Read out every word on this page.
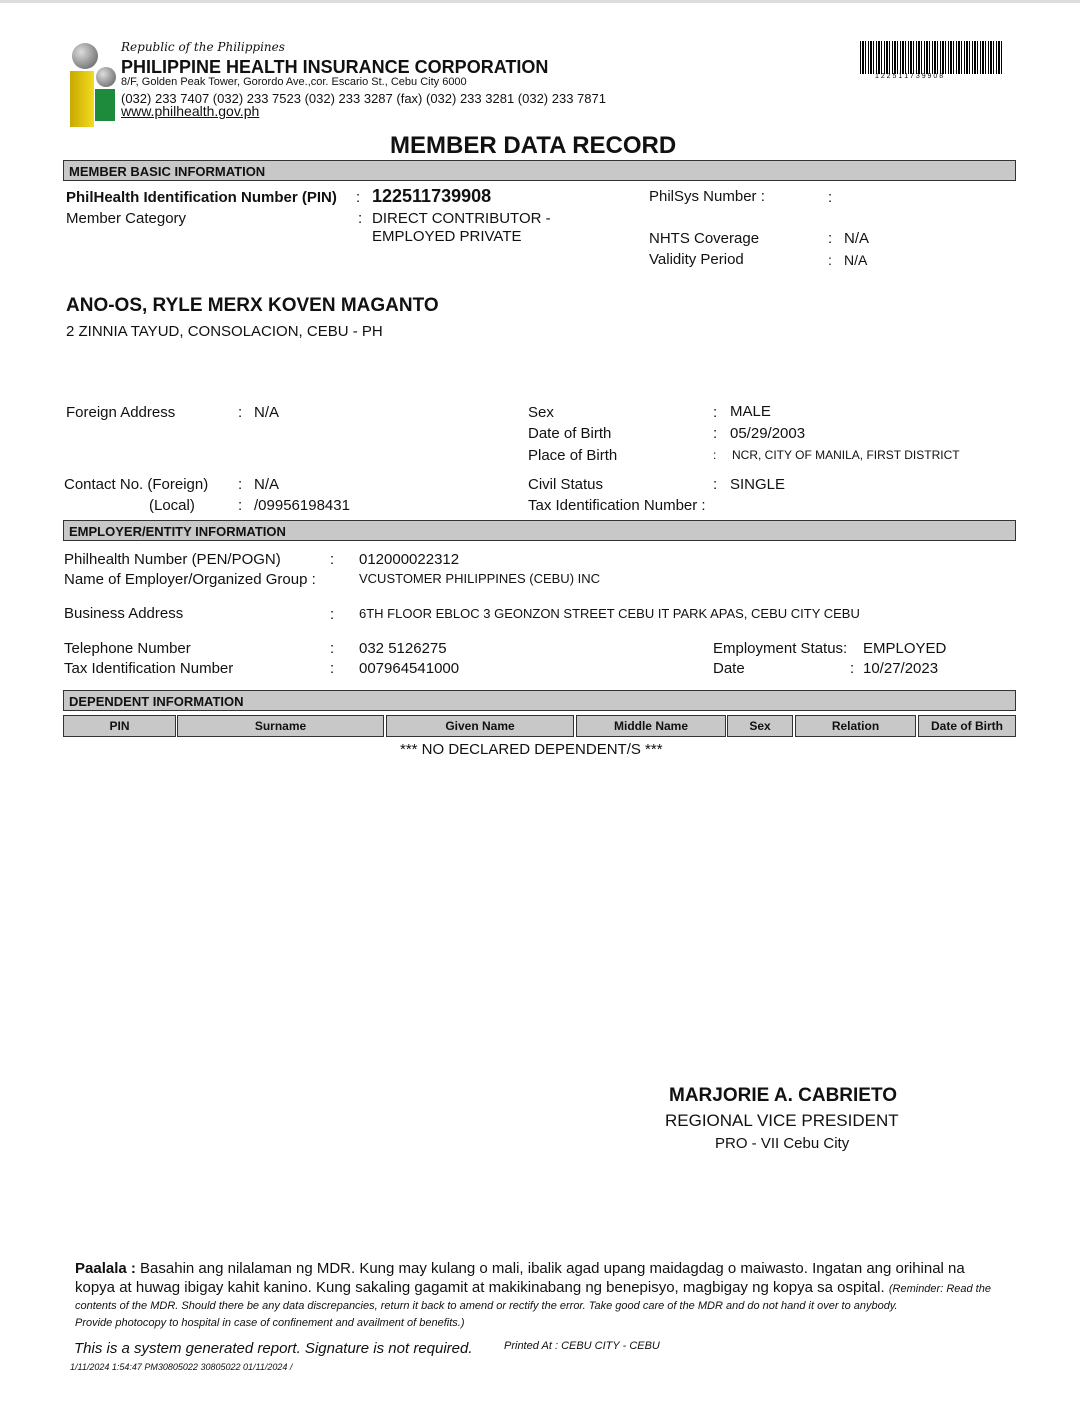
Republic of the Philippines
PHILIPPINE HEALTH INSURANCE CORPORATION
8/F, Golden Peak Tower, Gorordo Ave.,cor. Escario St., Cebu City 6000
(032) 233 7407 (032) 233 7523 (032) 233 3287 (fax) (032) 233 3281 (032) 233 7871
www.philhealth.gov.ph
1 2 2 5 1 1 7 3 9 9 0 8
MEMBER DATA RECORD
MEMBER BASIC INFORMATION
PhilHealth Identification Number (PIN) : 122511739908
Member Category	: DIRECT CONTRIBUTOR -
EMPLOYED PRIVATE
PhilSys Number :	:
NHTS Coverage	: N/A
Validity Period	: N/A
ANO-OS, RYLE MERX KOVEN MAGANTO
2 ZINNIA TAYUD, CONSOLACION, CEBU - PH
Foreign Address	: N/A	Sex	: MALE
Date of Birth	: 05/29/2003
Place of Birth	: NCR, CITY OF MANILA, FIRST DISTRICT
Contact No. (Foreign) : N/A
(Local)	: /09956198431
Civil Status	: SINGLE
Tax Identification Number :
EMPLOYER/ENTITY INFORMATION
Philhealth Number (PEN/POGN)	: 012000022312
Name of Employer/Organized Group :	VCUSTOMER PHILIPPINES (CEBU) INC
Business Address	: 6TH FLOOR EBLOC 3 GEONZON STREET CEBU IT PARK APAS, CEBU CITY CEBU
Telephone Number	: 032 5126275
Tax Identification Number	: 007964541000
Employment Status: EMPLOYED
Date	: 10/27/2023
DEPENDENT INFORMATION
PIN	Surname	Given Name	Middle Name	Sex	Relation	Date of Birth
*** NO DECLARED DEPENDENT/S ***
MARJORIE A. CABRIETO
REGIONAL VICE PRESIDENT
PRO - VII Cebu City
Paalala : Basahin ang nilalaman ng MDR. Kung may kulang o mali, ibalik agad upang maidagdag o maiwasto. Ingatan ang orihinal na
kopya at huwag ibigay kahit kanino. Kung sakaling gagamit at makikinabang ng benepisyo, magbigay ng kopya sa ospital. (Reminder: Read the
contents of the MDR. Should there be any data discrepancies, return it back to amend or rectify the error. Take good care of the MDR and do not hand it over to anybody.
Provide photocopy to hospital in case of confinement and availment of benefits.)
This is a system generated report. Signature is not required.	Printed At : CEBU CITY - CEBU
1/11/2024 1:54:47 PM30805022 30805022 01/11/2024 /
